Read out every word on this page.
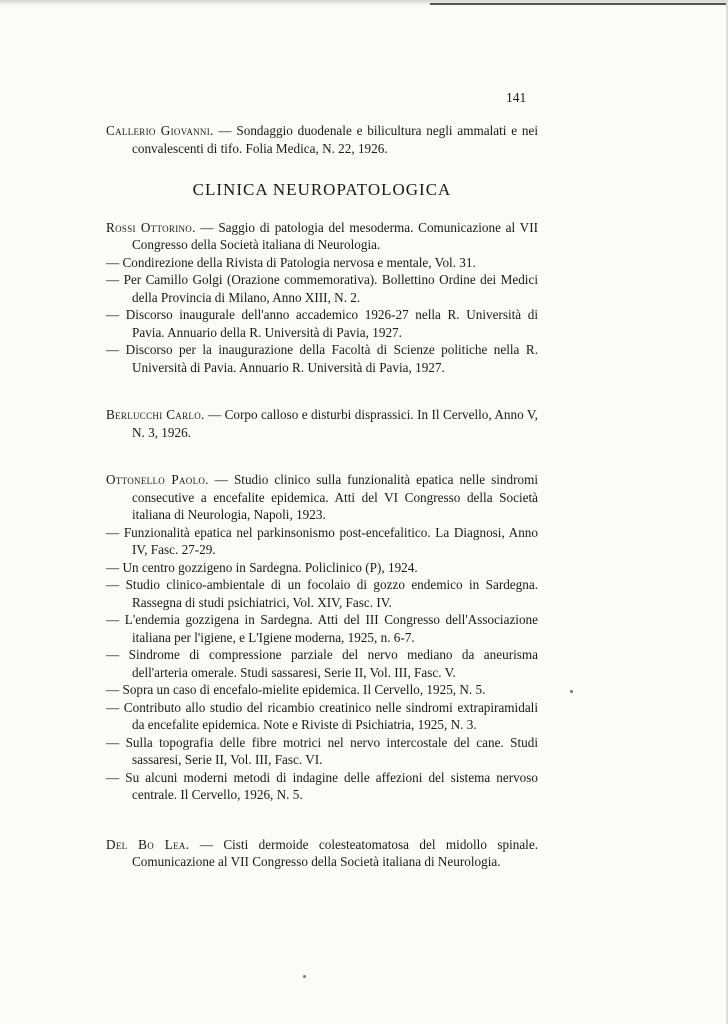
141
Callerio Giovanni. — Sondaggio duodenale e bilicultura negli ammalati e nei convalescenti di tifo. Folia Medica, N. 22, 1926.
CLINICA NEUROPATOLOGICA
Rossi Ottorino. — Saggio di patologia del mesoderma. Comunicazione al VII Congresso della Società italiana di Neurologia.
— Condirezione della Rivista di Patologia nervosa e mentale, Vol. 31.
— Per Camillo Golgi (Orazione commemorativa). Bollettino Ordine dei Medici della Provincia di Milano, Anno XIII, N. 2.
— Discorso inaugurale dell'anno accademico 1926-27 nella R. Università di Pavia. Annuario della R. Università di Pavia, 1927.
— Discorso per la inaugurazione della Facoltà di Scienze politiche nella R. Università di Pavia. Annuario R. Università di Pavia, 1927.
Berlucchi Carlo. — Corpo calloso e disturbi disprassici. In Il Cervello, Anno V, N. 3, 1926.
Ottonello Paolo. — Studio clinico sulla funzionalità epatica nelle sindromi consecutive a encefalite epidemica. Atti del VI Congresso della Società italiana di Neurologia, Napoli, 1923.
— Funzionalità epatica nel parkinsonismo post-encefalitico. La Diagnosi, Anno IV, Fasc. 27-29.
— Un centro gozzigeno in Sardegna. Policlinico (P), 1924.
— Studio clinico-ambientale di un focolaio di gozzo endemico in Sardegna. Rassegna di studi psichiatrici, Vol. XIV, Fasc. IV.
— L'endemia gozzigena in Sardegna. Atti del III Congresso dell'Associazione italiana per l'igiene, e L'Igiene moderna, 1925, n. 6-7.
— Sindrome di compressione parziale del nervo mediano da aneurisma dell'arteria omerale. Studi sassaresi, Serie II, Vol. III, Fasc. V.
— Sopra un caso di encefalo-mielite epidemica. Il Cervello, 1925, N. 5.
— Contributo allo studio del ricambio creatinico nelle sindromi extrapiramidali da encefalite epidemica. Note e Riviste di Psichiatria, 1925, N. 3.
— Sulla topografia delle fibre motrici nel nervo intercostale del cane. Studi sassaresi, Serie II, Vol. III, Fasc. VI.
— Su alcuni moderni metodi di indagine delle affezioni del sistema nervoso centrale. Il Cervello, 1926, N. 5.
Del Bo Lea. — Cisti dermoide colesteatomatosa del midollo spinale. Comunicazione al VII Congresso della Società italiana di Neurologia.
